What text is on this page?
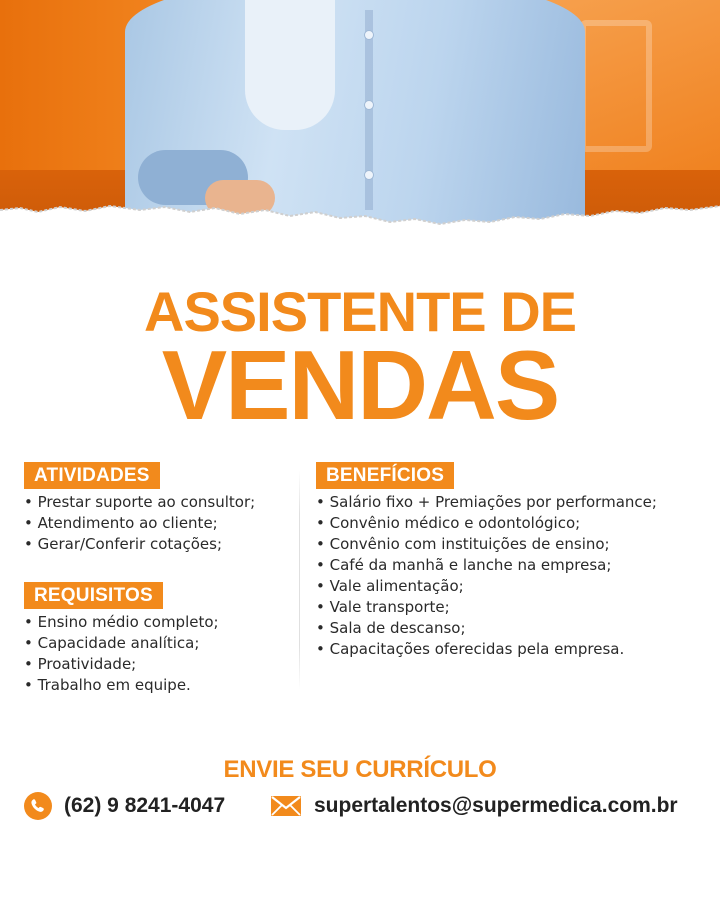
ASSISTENTE DE
VENDAS
ATIVIDADES
• Prestar suporte ao consultor;
• Atendimento ao cliente;
• Gerar/Conferir cotações;
REQUISITOS
• Ensino médio completo;
• Capacidade analítica;
• Proatividade;
• Trabalho em equipe.
BENEFÍCIOS
• Salário fixo + Premiações por performance;
• Convênio médico e odontológico;
• Convênio com instituições de ensino;
• Café da manhã e lanche na empresa;
• Vale alimentação;
• Vale transporte;
• Sala de descanso;
• Capacitações oferecidas pela empresa.
ENVIE SEU CURRÍCULO
(62) 9 8241-4047	supertalentos@supermedica.com.br
